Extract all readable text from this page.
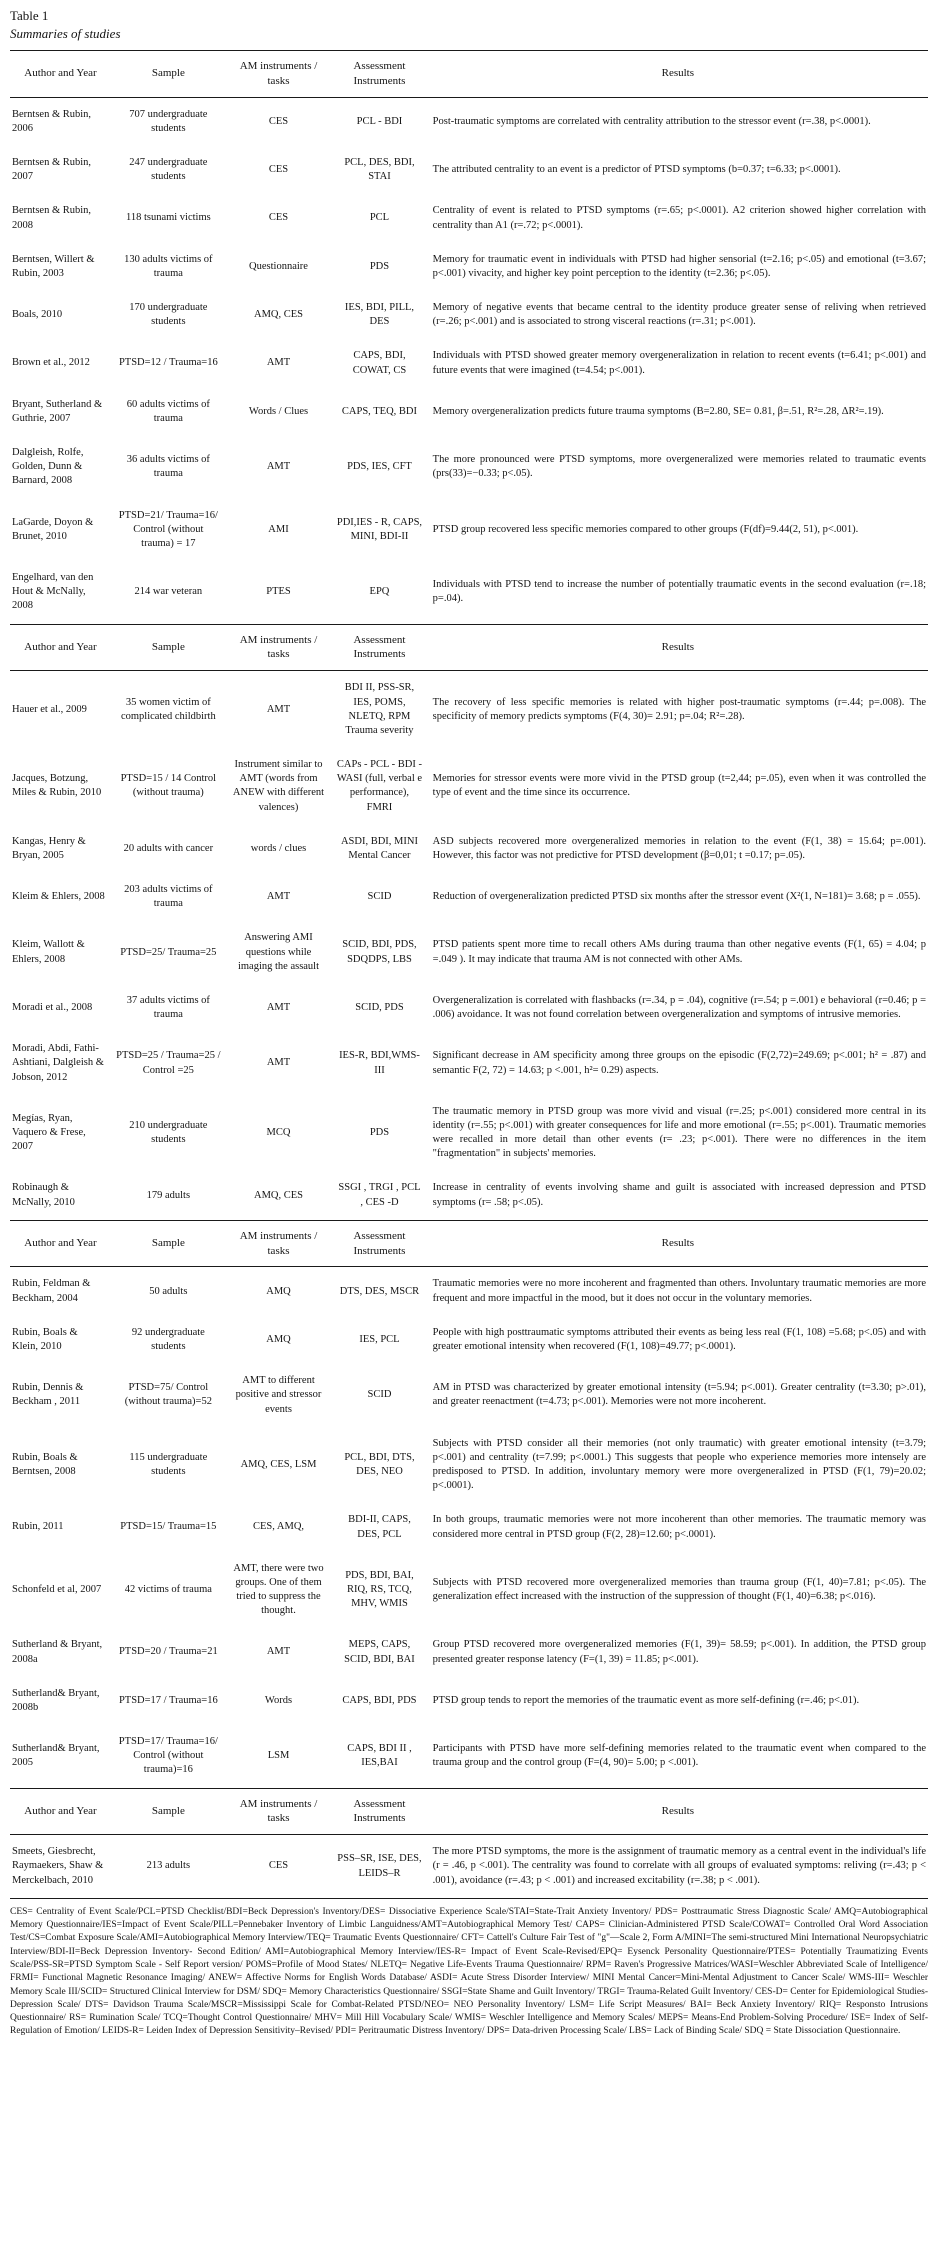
Table 1
Summaries of studies
Author and Year	Sample	AM instruments / tasks	Assessment Instruments	Results
Berntsen & Rubin, 2006	707 undergraduate students	CES	PCL - BDI	Post-traumatic symptoms are correlated with centrality attribution to the stressor event (r=.38, p<.0001).
Berntsen & Rubin, 2007	247 undergraduate students	CES	PCL, DES, BDI, STAI	The attributed centrality to an event is a predictor of PTSD symptoms (b=0.37; t=6.33; p<.0001).
Berntsen & Rubin, 2008	118 tsunami victims	CES	PCL	Centrality of event is related to PTSD symptoms (r=.65; p<.0001). A2 criterion showed higher correlation with centrality than A1 (r=.72; p<.0001).
Berntsen, Willert & Rubin, 2003	130 adults victims of trauma	Questionnaire	PDS	Memory for traumatic event in individuals with PTSD had higher sensorial (t=2.16; p<.05) and emotional (t=3.67; p<.001) vivacity, and higher key point perception to the identity (t=2.36; p<.05).
Boals, 2010	170 undergraduate students	AMQ, CES	IES, BDI, PILL, DES	Memory of negative events that became central to the identity produce greater sense of reliving when retrieved (r=.26; p<.001) and is associated to strong visceral reactions (r=.31; p<.001).
Brown et al., 2012	PTSD=12 / Trauma=16	AMT	CAPS, BDI, COWAT, CS	Individuals with PTSD showed greater memory overgeneralization in relation to recent events (t=6.41; p<.001) and future events that were imagined (t=4.54; p<.001).
Bryant, Sutherland & Guthrie, 2007	60 adults victims of trauma	Words / Clues	CAPS, TEQ, BDI	Memory overgeneralization predicts future trauma symptoms (B=2.80, SE= 0.81, β=.51, R²=.28, ΔR²=.19).
Dalgleish, Rolfe, Golden, Dunn & Barnard, 2008	36 adults victims of trauma	AMT	PDS, IES, CFT	The more pronounced were PTSD symptoms, more overgeneralized were memories related to traumatic events (prs(33)=−0.33; p<.05).
LaGarde, Doyon & Brunet, 2010	PTSD=21/ Trauma=16/ Control (without trauma) = 17	AMI	PDI,IES - R, CAPS, MINI, BDI-II	PTSD group recovered less specific memories compared to other groups (F(df)=9.44(2, 51), p<.001).
Engelhard, van den Hout & McNally, 2008	214 war veteran	PTES	EPQ	Individuals with PTSD tend to increase the number of potentially traumatic events in the second evaluation (r=.18; p=.04).
Author and Year	Sample	AM instruments / tasks	Assessment Instruments	Results
Hauer et al., 2009	35 women victim of complicated childbirth	AMT	BDI II, PSS-SR, IES, POMS, NLETQ, RPM Trauma severity	The recovery of less specific memories is related with higher post-traumatic symptoms (r=.44; p=.008). The specificity of memory predicts symptoms (F(4, 30)= 2.91; p=.04; R²=.28).
Jacques, Botzung, Miles & Rubin, 2010	PTSD=15 / 14 Control (without trauma)	Instrument similar to AMT (words from ANEW with different valences)	CAPs - PCL - BDI - WASI (full, verbal e performance), FMRI	Memories for stressor events were more vivid in the PTSD group (t=2,44; p=.05), even when it was controlled the type of event and the time since its occurrence.
Kangas, Henry & Bryan, 2005	20 adults with cancer	words / clues	ASDI, BDI, MINI Mental Cancer	ASD subjects recovered more overgeneralized memories in relation to the event (F(1, 38) = 15.64; p=.001). However, this factor was not predictive for PTSD development (β=0,01; t =0.17; p=.05).
Kleim & Ehlers, 2008	203 adults victims of trauma	AMT	SCID	Reduction of overgeneralization predicted PTSD six months after the stressor event (X²(1, N=181)= 3.68; p = .055).
Kleim, Wallott & Ehlers, 2008	PTSD=25/ Trauma=25	Answering AMI questions while imaging the assault	SCID, BDI, PDS, SDQDPS, LBS	PTSD patients spent more time to recall others AMs during trauma than other negative events (F(1, 65) = 4.04; p =.049 ). It may indicate that trauma AM is not connected with other AMs.
Moradi et al., 2008	37 adults victims of trauma	AMT	SCID, PDS	Overgeneralization is correlated with flashbacks (r=.34, p = .04), cognitive (r=.54; p =.001) e behavioral (r=0.46; p = .006) avoidance. It was not found correlation between overgeneralization and symptoms of intrusive memories.
Moradi, Abdi, Fathi-Ashtiani, Dalgleish & Jobson, 2012	PTSD=25 / Trauma=25 / Control =25	AMT	IES-R, BDI,WMS-III	Significant decrease in AM specificity among three groups on the episodic (F(2,72)=249.69; p<.001; h² = .87) and semantic F(2, 72) = 14.63; p <.001, h²= 0.29) aspects.
Megías, Ryan, Vaquero & Frese, 2007	210 undergraduate students	MCQ	PDS	The traumatic memory in PTSD group was more vivid and visual (r=.25; p<.001) considered more central in its identity (r=.55; p<.001) with greater consequences for life and more emotional (r=.55; p<.001). Traumatic memories were recalled in more detail than other events (r= .23; p<.001). There were no differences in the item "fragmentation" in subjects' memories.
Robinaugh & McNally, 2010	179 adults	AMQ, CES	SSGI , TRGI , PCL , CES -D	Increase in centrality of events involving shame and guilt is associated with increased depression and PTSD symptoms (r= .58; p<.05).
Author and Year	Sample	AM instruments / tasks	Assessment Instruments	Results
Rubin, Feldman & Beckham, 2004	50 adults	AMQ	DTS, DES, MSCR	Traumatic memories were no more incoherent and fragmented than others. Involuntary traumatic memories are more frequent and more impactful in the mood, but it does not occur in the voluntary memories.
Rubin, Boals & Klein, 2010	92 undergraduate students	AMQ	IES, PCL	People with high posttraumatic symptoms attributed their events as being less real (F(1, 108) =5.68; p<.05) and with greater emotional intensity when recovered (F(1, 108)=49.77; p<.0001).
Rubin, Dennis & Beckham , 2011	PTSD=75/ Control (without trauma)=52	AMT to different positive and stressor events	SCID	AM in PTSD was characterized by greater emotional intensity (t=5.94; p<.001). Greater centrality (t=3.30; p>.01), and greater reenactment (t=4.73; p<.001). Memories were not more incoherent.
Rubin, Boals & Berntsen, 2008	115 undergraduate students	AMQ, CES, LSM	PCL, BDI, DTS, DES, NEO	Subjects with PTSD consider all their memories (not only traumatic) with greater emotional intensity (t=3.79; p<.001) and centrality (t=7.99; p<.0001.) This suggests that people who experience memories more intensely are predisposed to PTSD. In addition, involuntary memory were more overgeneralized in PTSD (F(1, 79)=20.02; p<.0001).
Rubin, 2011	PTSD=15/ Trauma=15	CES, AMQ,	BDI-II, CAPS, DES, PCL	In both groups, traumatic memories were not more incoherent than other memories. The traumatic memory was considered more central in PTSD group (F(2, 28)=12.60; p<.0001).
Schonfeld et al, 2007	42 victims of trauma	AMT, there were two groups. One of them tried to suppress the thought.	PDS, BDI, BAI, RIQ, RS, TCQ, MHV, WMIS	Subjects with PTSD recovered more overgeneralized memories than trauma group (F(1, 40)=7.81; p<.05). The generalization effect increased with the instruction of the suppression of thought (F(1, 40)=6.38; p<.016).
Sutherland & Bryant, 2008a	PTSD=20 / Trauma=21	AMT	MEPS, CAPS, SCID, BDI, BAI	Group PTSD recovered more overgeneralized memories (F(1, 39)= 58.59; p<.001). In addition, the PTSD group presented greater response latency (F=(1, 39) = 11.85; p<.001).
Sutherland& Bryant, 2008b	PTSD=17 / Trauma=16	Words	CAPS, BDI, PDS	PTSD group tends to report the memories of the traumatic event as more self-defining (r=.46; p<.01).
Sutherland& Bryant, 2005	PTSD=17/ Trauma=16/ Control (without trauma)=16	LSM	CAPS, BDI II , IES,BAI	Participants with PTSD have more self-defining memories related to the traumatic event when compared to the trauma group and the control group (F=(4, 90)= 5.00; p <.001).
Author and Year	Sample	AM instruments / tasks	Assessment Instruments	Results
Smeets, Giesbrecht, Raymaekers, Shaw & Merckelbach, 2010	213 adults	CES	PSS–SR, ISE, DES, LEIDS–R	The more PTSD symptoms, the more is the assignment of traumatic memory as a central event in the individual's life (r = .46, p <.001). The centrality was found to correlate with all groups of evaluated symptoms: reliving (r=.43; p < .001), avoidance (r=.43; p < .001) and increased excitability (r=.38; p < .001).
CES= Centrality of Event Scale/PCL=PTSD Checklist/BDI=Beck Depression's Inventory/DES= Dissociative Experience Scale/STAI=State-Trait Anxiety Inventory/ PDS= Posttraumatic Stress Diagnostic Scale/ AMQ=Autobiographical Memory Questionnaire/IES=Impact of Event Scale/PILL=Pennebaker Inventory of Limbic Languidness/AMT=Autobiographical Memory Test/ CAPS= Clinician-Administered PTSD Scale/COWAT= Controlled Oral Word Association Test/CS=Combat Exposure Scale/AMI=Autobiographical Memory Interview/TEQ= Traumatic Events Questionnaire/ CFT= Cattell's Culture Fair Test of "g"—Scale 2, Form A/MINI=The semi-structured Mini International Neuropsychiatric Interview/BDI-II=Beck Depression Inventory- Second Edition/ AMI=Autobiographical Memory Interview/IES-R= Impact of Event Scale-Revised/EPQ= Eysenck Personality Questionnaire/PTES= Potentially Traumatizing Events Scale/PSS-SR=PTSD Symptom Scale - Self Report version/ POMS=Profile of Mood States/ NLETQ= Negative Life-Events Trauma Questionnaire/ RPM= Raven's Progressive Matrices/WASI=Weschler Abbreviated Scale of Intelligence/ FRMI= Functional Magnetic Resonance Imaging/ ANEW= Affective Norms for English Words Database/ ASDI= Acute Stress Disorder Interview/ MINI Mental Cancer=Mini-Mental Adjustment to Cancer Scale/ WMS-III= Weschler Memory Scale III/SCID= Structured Clinical Interview for DSM/ SDQ= Memory Characteristics Questionnaire/ SSGI=State Shame and Guilt Inventory/ TRGI= Trauma-Related Guilt Inventory/ CES-D= Center for Epidemiological Studies-Depression Scale/ DTS= Davidson Trauma Scale/MSCR=Mississippi Scale for Combat-Related PTSD/NEO= NEO Personality Inventory/ LSM= Life Script Measures/ BAI= Beck Anxiety Inventory/ RIQ= Responsto Intrusions Questionnaire/ RS= Rumination Scale/ TCQ=Thought Control Questionnaire/ MHV= Mill Hill Vocabulary Scale/ WMIS= Weschler Intelligence and Memory Scales/ MEPS= Means-End Problem-Solving Procedure/ ISE= Index of Self-Regulation of Emotion/ LEIDS-R= Leiden Index of Depression Sensitivity–Revised/ PDI= Peritraumatic Distress Inventory/ DPS= Data-driven Processing Scale/ LBS= Lack of Binding Scale/ SDQ = State Dissociation Questionnaire.
